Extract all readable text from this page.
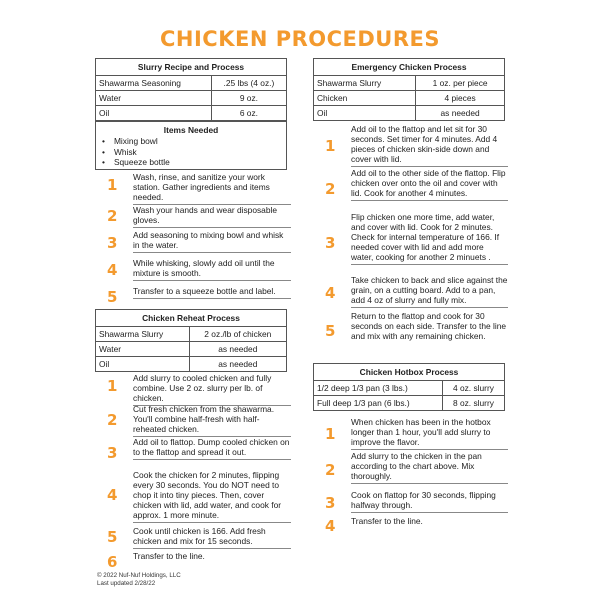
CHICKEN PROCEDURES
Slurry Recipe and Process	
Shawarma Seasoning	.25 lbs (4 oz.)
Water	9 oz.
Oil	6 oz.
Items Needed
• Mixing bowl
• Whisk
• Squeeze bottle
1 Wash, rinse, and sanitize your work station. Gather ingredients and items needed.
2 Wash your hands and wear disposable gloves.
3 Add seasoning to mixing bowl and whisk in the water.
4 While whisking, slowly add oil until the mixture is smooth.
5 Transfer to a squeeze bottle and label.
Chicken Reheat Process	
Shawarma Slurry	2 oz./lb of chicken
Water	as needed
Oil	as needed
1 Add slurry to cooled chicken and fully combine. Use 2 oz. slurry per lb. of chicken.
2
Cut fresh chicken from the shawarma. You'll combine half-fresh with half-reheated chicken.
3
Add oil to flattop. Dump cooled chicken on to the flattop and spread it out.
4
Cook the chicken for 2 minutes, flipping every 30 seconds. You do NOT need to chop it into tiny pieces. Then, cover chicken with lid, add water, and cook for approx. 1 more minute.
5 Cook until chicken is 166. Add fresh chicken and mix for 15 seconds.
6 Transfer to the line.
© 2022 Nuf-Nuf Holdings, LLC
Last updated 2/28/22
Emergency Chicken Process	
Shawarma Slurry	1 oz. per piece
Chicken	4 pieces
Oil	as needed
1
Add oil to the flattop and let sit for 30 seconds. Set timer for 4 minutes. Add 4 pieces of chicken skin-side down and cover with lid.
2
Add oil to the other side of the flattop. Flip chicken over onto the oil and cover with lid. Cook for another 4 minutes.
3
Flip chicken one more time, add water, and cover with lid. Cook for 2 minutes. Check for internal temperature of 166. If needed cover with lid and add more water, cooking for another 2 minuets .
4
Take chicken to back and slice against the grain, on a cutting board. Add to a pan, add 4 oz of slurry and fully mix.
5
Return to the flattop and cook for 30 seconds on each side. Transfer to the line and mix with any remaining chicken.
Chicken Hotbox Process	
1/2 deep 1/3 pan (3 lbs.)	4 oz. slurry
Full deep 1/3 pan (6 lbs.)	8 oz. slurry
1
When chicken has been in the hotbox longer than 1 hour, you'll add slurry to improve the flavor.
2
Add slurry to the chicken in the pan according to the chart above. Mix thoroughly.
3 Cook on flattop for 30 seconds, flipping halfway through.
4 Transfer to the line.
